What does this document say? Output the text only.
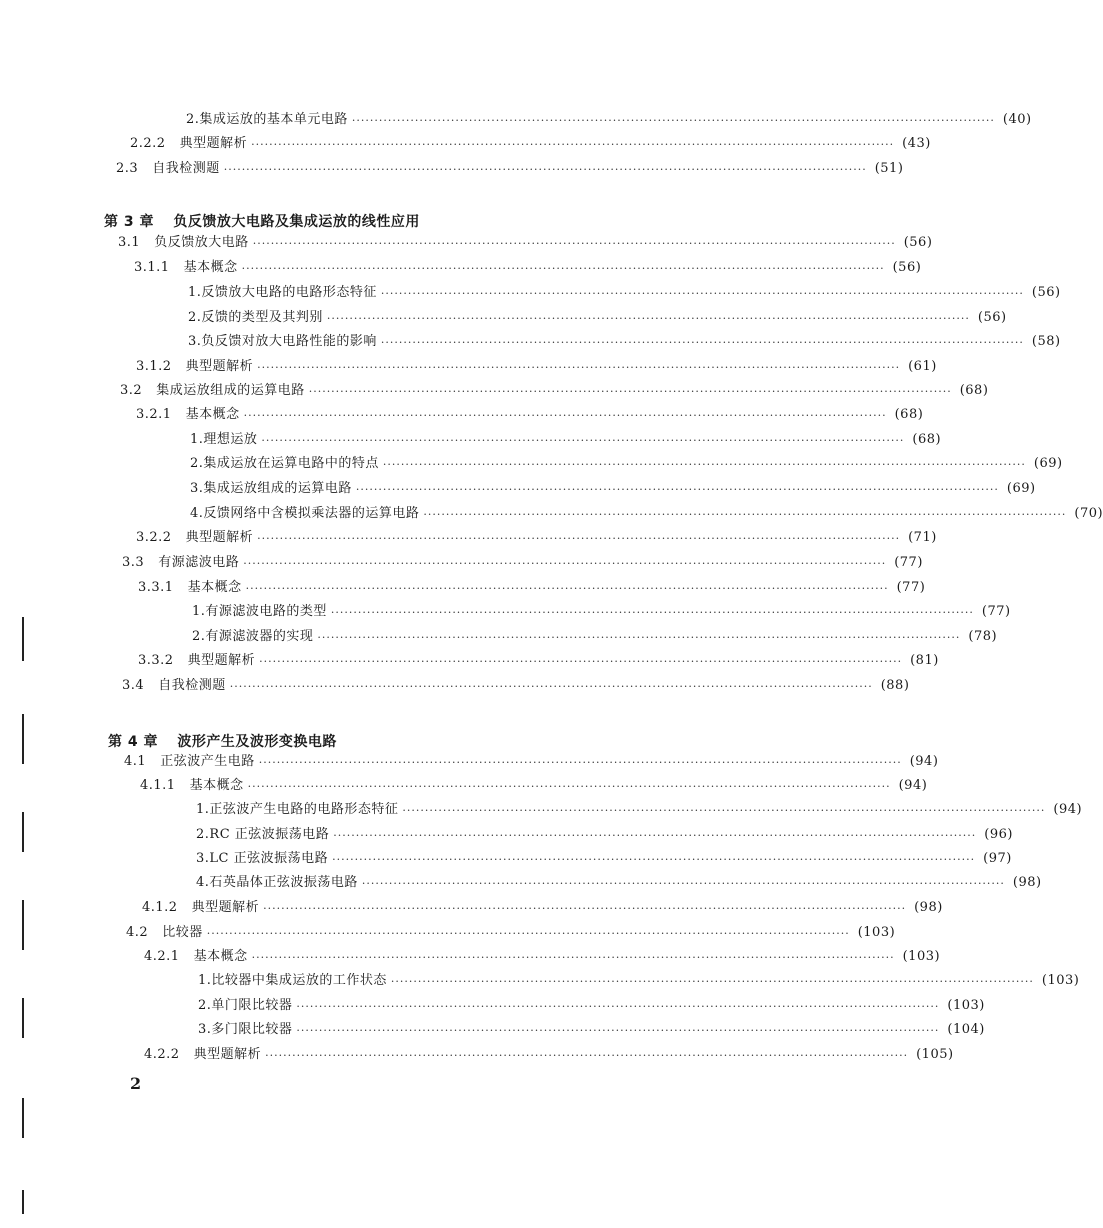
2.集成运放的基本单元电路 ··············································································································································· (40)
2.2.2 典型题解析 ··············································································································································· (43)
2.3 自我检测题 ··············································································································································· (51)
第 3 章 负反馈放大电路及集成运放的线性应用
3.1 负反馈放大电路 ··············································································································································· (56)
3.1.1 基本概念 ··············································································································································· (56)
1.反馈放大电路的电路形态特征 ··············································································································································· (56)
2.反馈的类型及其判别 ··············································································································································· (56)
3.负反馈对放大电路性能的影响 ··············································································································································· (58)
3.1.2 典型题解析 ··············································································································································· (61)
3.2 集成运放组成的运算电路 ··············································································································································· (68)
3.2.1 基本概念 ··············································································································································· (68)
1.理想运放 ··············································································································································· (68)
2.集成运放在运算电路中的特点 ··············································································································································· (69)
3.集成运放组成的运算电路 ··············································································································································· (69)
4.反馈网络中含模拟乘法器的运算电路 ··············································································································································· (70)
3.2.2 典型题解析 ··············································································································································· (71)
3.3 有源滤波电路 ··············································································································································· (77)
3.3.1 基本概念 ··············································································································································· (77)
1.有源滤波电路的类型 ··············································································································································· (77)
2.有源滤波器的实现 ··············································································································································· (78)
3.3.2 典型题解析 ··············································································································································· (81)
3.4 自我检测题 ··············································································································································· (88)
第 4 章 波形产生及波形变换电路
4.1 正弦波产生电路 ··············································································································································· (94)
4.1.1 基本概念 ··············································································································································· (94)
1.正弦波产生电路的电路形态特征 ··············································································································································· (94)
2.RC 正弦波振荡电路 ··············································································································································· (96)
3.LC 正弦波振荡电路 ··············································································································································· (97)
4.石英晶体正弦波振荡电路 ··············································································································································· (98)
4.1.2 典型题解析 ··············································································································································· (98)
4.2 比较器 ··············································································································································· (103)
4.2.1 基本概念 ··············································································································································· (103)
1.比较器中集成运放的工作状态 ··············································································································································· (103)
2.单门限比较器 ··············································································································································· (103)
3.多门限比较器 ··············································································································································· (104)
4.2.2 典型题解析 ··············································································································································· (105)
2
